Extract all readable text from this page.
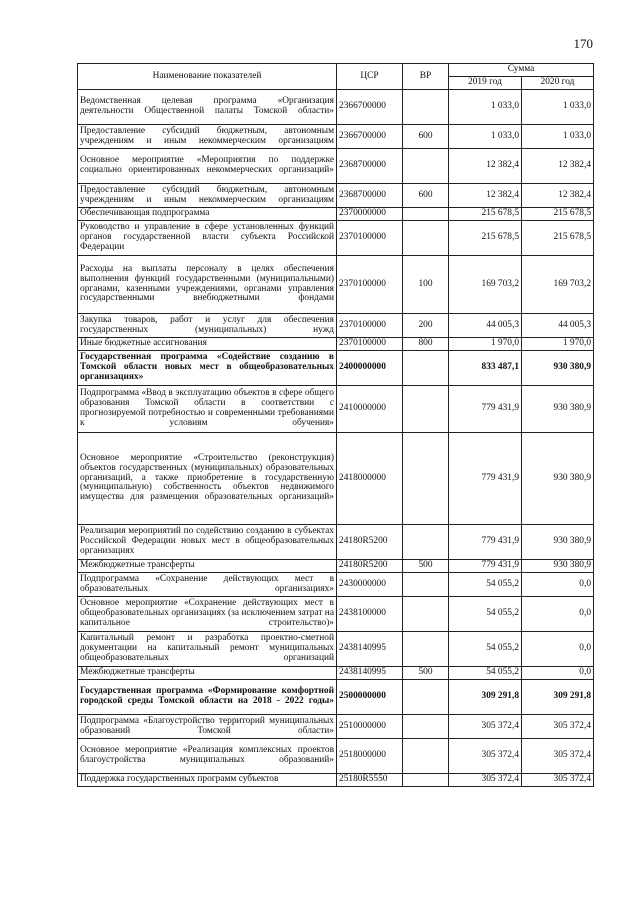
170
Наименование показателей	ЦСР	ВР	Сумма	
			2019 год	2020 год
Ведомственная целевая программа «Организация деятельности Общественной палаты Томской области»	2366700000		1 033,0	1 033,0
Предоставление субсидий бюджетным, автономным учреждениям и иным некоммерческим организациям	2366700000	600	1 033,0	1 033,0
Основное мероприятие «Мероприятия по поддержке социально ориентированных некоммерческих организаций»	2368700000		12 382,4	12 382,4
Предоставление субсидий бюджетным, автономным учреждениям и иным некоммерческим организациям	2368700000	600	12 382,4	12 382,4
Обеспечивающая подпрограмма	2370000000		215 678,5	215 678,5
Руководство и управление в сфере установленных функций органов государственной власти субъекта Российской Федерации	2370100000		215 678,5	215 678,5
Расходы на выплаты персоналу в целях обеспечения выполнения функций государственными (муниципальными) органами, казенными учреждениями, органами управления государственными внебюджетными фондами	2370100000	100	169 703,2	169 703,2
Закупка товаров, работ и услуг для обеспечения государственных (муниципальных) нужд	2370100000	200	44 005,3	44 005,3
Иные бюджетные ассигнования	2370100000	800	1 970,0	1 970,0
Государственная программа «Содействие созданию в Томской области новых мест в общеобразовательных организациях»	2400000000		833 487,1	930 380,9
Подпрограмма «Ввод в эксплуатацию объектов в сфере общего образования Томской области в соответствии с прогнозируемой потребностью и современными требованиями к условиям обучения»	2410000000		779 431,9	930 380,9
Основное мероприятие «Строительство (реконструкция) объектов государственных (муниципальных) образовательных организаций, а также приобретение в государственную (муниципальную) собственность объектов недвижимого имущества для размещения образовательных организаций»	2418000000		779 431,9	930 380,9
Реализация мероприятий по содействию созданию в субъектах Российской Федерации новых мест в общеобразовательных организациях	24180R5200		779 431,9	930 380,9
Межбюджетные трансферты	24180R5200	500	779 431,9	930 380,9
Подпрограмма «Сохранение действующих мест в образовательных организациях»	2430000000		54 055,2	0,0
Основное мероприятие «Сохранение действующих мест в общеобразовательных организациях (за исключением затрат на капитальное строительство)»	2438100000		54 055,2	0,0
Капитальный ремонт и разработка проектно-сметной документации на капитальный ремонт муниципальных общеобразовательных организаций	2438140995		54 055,2	0,0
Межбюджетные трансферты	2438140995	500	54 055,2	0,0
Государственная программа «Формирование комфортной городской среды Томской области на 2018 - 2022 годы»	2500000000		309 291,8	309 291,8
Подпрограмма «Благоустройство территорий муниципальных образований Томской области»	2510000000		305 372,4	305 372,4
Основное мероприятие «Реализация комплексных проектов благоустройства муниципальных образований»	2518000000		305 372,4	305 372,4
Поддержка государственных программ субъектов	25180R5550		305 372,4	305 372,4
